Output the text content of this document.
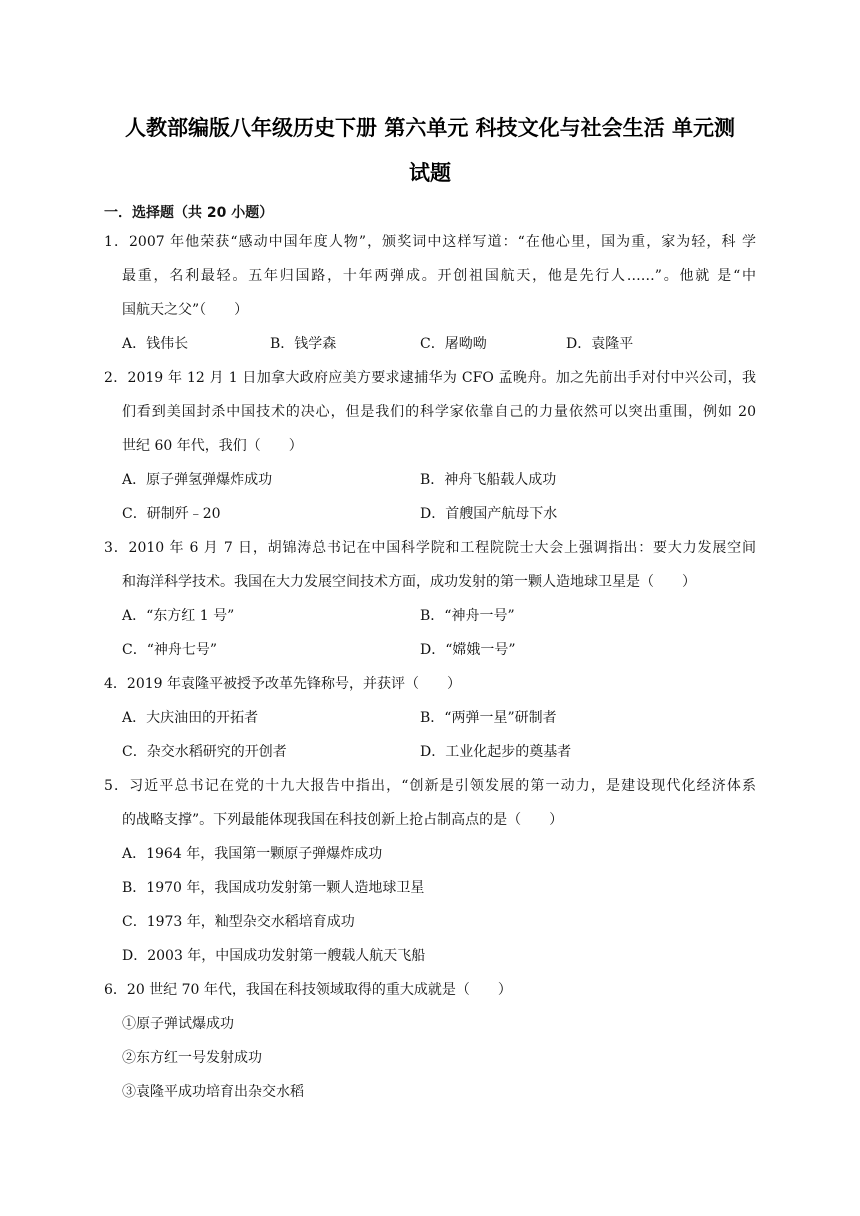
人教部编版八年级历史下册 第六单元 科技文化与社会生活 单元测
试题
一．选择题（共 20 小题）
1．2007 年他荣获“感动中国年度人物”，颁奖词中这样写道：“在他心里，国为重，家为轻，科 学
最重，名利最轻。五年归国路，十年两弹成。开创祖国航天，他是先行人……”。他就 是“中
国航天之父”（　　）
A．钱伟长	B．钱学森	C．屠呦呦	D．袁隆平
2．2019 年 12 月 1 日加拿大政府应美方要求逮捕华为 CFO 孟晚舟。加之先前出手对付中兴公司，我
们看到美国封杀中国技术的决心，但是我们的科学家依靠自己的力量依然可以突出重围，例如 20
世纪 60 年代，我们（　　）
A．原子弹氢弹爆炸成功	B．神舟飞船载人成功
C．研制歼﹣20	D．首艘国产航母下水
3．2010 年 6 月 7 日，胡锦涛总书记在中国科学院和工程院院士大会上强调指出：要大力发展空间
和海洋科学技术。我国在大力发展空间技术方面，成功发射的第一颗人造地球卫星是（　　）
A．“东方红 1 号”	B．“神舟一号”
C．“神舟七号”	D．“嫦娥一号”
4．2019 年袁隆平被授予改革先锋称号，并获评（　　）
A．大庆油田的开拓者	B．“两弹一星”研制者
C．杂交水稻研究的开创者	D．工业化起步的奠基者
5．习近平总书记在党的十九大报告中指出，“创新是引领发展的第一动力，是建设现代化经济体系
的战略支撑”。下列最能体现我国在科技创新上抢占制高点的是（　　）
A．1964 年，我国第一颗原子弹爆炸成功
B．1970 年，我国成功发射第一颗人造地球卫星
C．1973 年，籼型杂交水稻培育成功
D．2003 年，中国成功发射第一艘载人航天飞船
6．20 世纪 70 年代，我国在科技领域取得的重大成就是（　　）
①原子弹试爆成功
②东方红一号发射成功
③袁隆平成功培育出杂交水稻
